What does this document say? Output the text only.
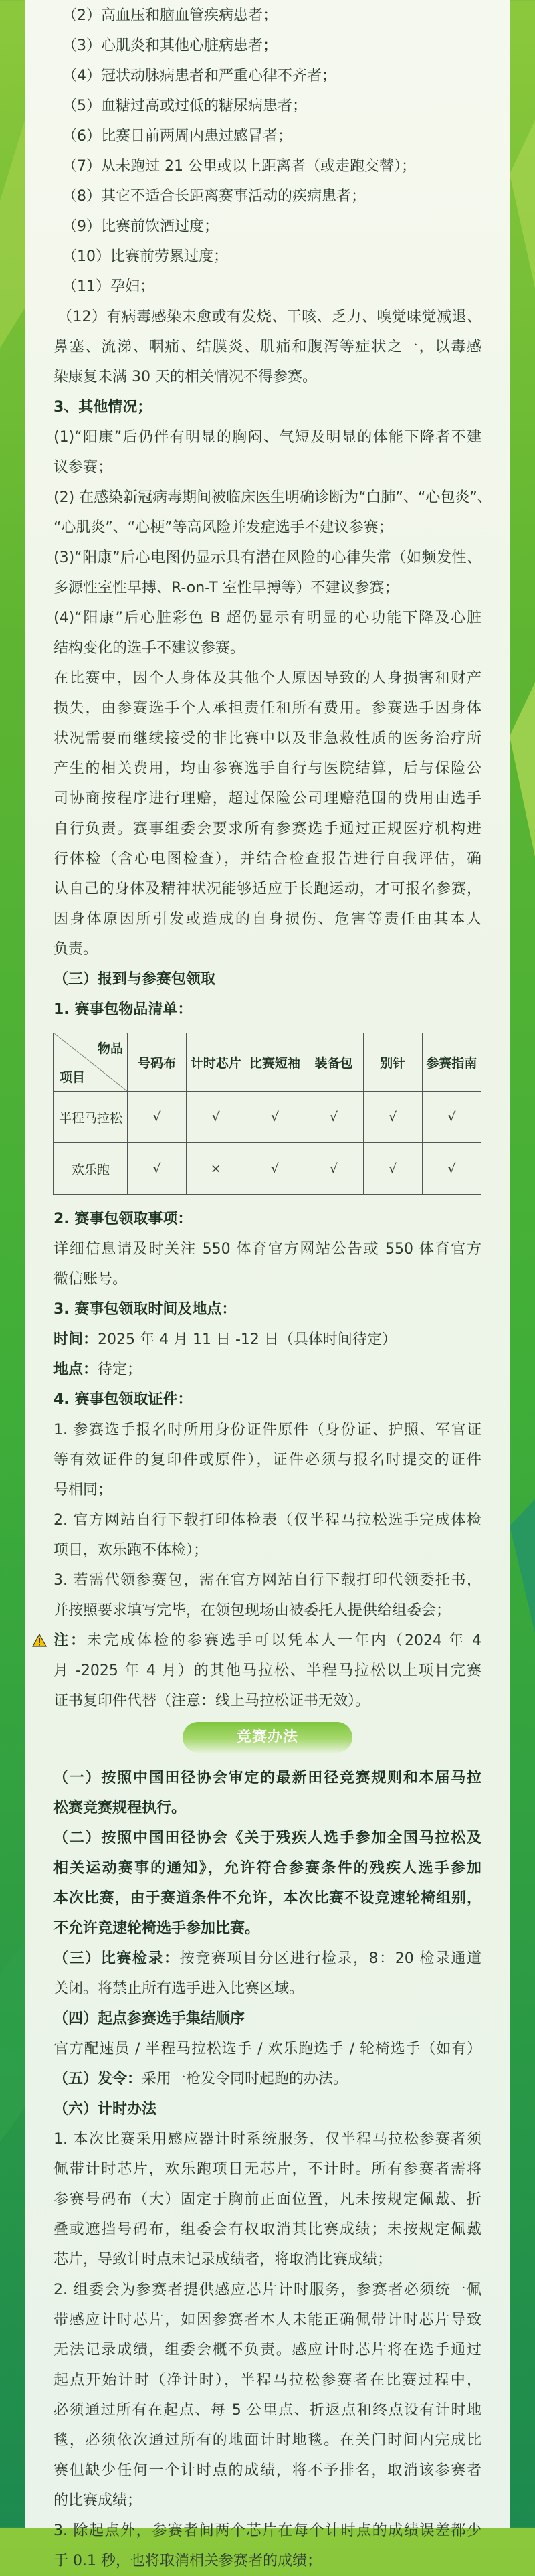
（2）高血压和脑血管疾病患者；
（3）心肌炎和其他心脏病患者；
（4）冠状动脉病患者和严重心律不齐者；
（5）血糖过高或过低的糖尿病患者；
（6）比赛日前两周内患过感冒者；
（7）从未跑过 21 公里或以上距离者（或走跑交替）；
（8）其它不适合长距离赛事活动的疾病患者；
（9）比赛前饮酒过度；
（10）比赛前劳累过度；
（11）孕妇；
（12）有病毒感染未愈或有发烧、干咳、乏力、嗅觉味觉减退、
鼻塞、流涕、咽痛、结膜炎、肌痛和腹泻等症状之一，以毒感
染康复未满 30 天的相关情况不得参赛。
3、其他情况；
(1)“阳康”后仍伴有明显的胸闷、气短及明显的体能下降者不建
议参赛；
(2) 在感染新冠病毒期间被临床医生明确诊断为“白肺”、“心包炎”、
“心肌炎”、“心梗”等高风险并发症选手不建议参赛；
(3)“阳康”后心电图仍显示具有潜在风险的心律失常（如频发性、
多源性室性早搏、R-on-T 室性早搏等）不建议参赛；
(4)“阳康”后心脏彩色 B 超仍显示有明显的心功能下降及心脏
结构变化的选手不建议参赛。
在比赛中，因个人身体及其他个人原因导致的人身损害和财产
损失，由参赛选手个人承担责任和所有费用。参赛选手因身体
状况需要而继续接受的非比赛中以及非急救性质的医务治疗所
产生的相关费用，均由参赛选手自行与医院结算，后与保险公
司协商按程序进行理赔，超过保险公司理赔范围的费用由选手
自行负责。赛事组委会要求所有参赛选手通过正规医疗机构进
行体检（含心电图检查），并结合检查报告进行自我评估，确
认自己的身体及精神状况能够适应于长跑运动，才可报名参赛，
因身体原因所引发或造成的自身损伤、危害等责任由其本人
负责。
（三）报到与参赛包领取
1. 赛事包物品清单：
物品
项目	号码布	计时芯片	比赛短袖	装备包	别针	参赛指南
半程马拉松	√	√	√	√	√	√
欢乐跑	√	×	√	√	√	√
2. 赛事包领取事项：
详细信息请及时关注 550 体育官方网站公告或 550 体育官方
微信账号。
3. 赛事包领取时间及地点：
时间：2025 年 4 月 11 日 -12 日（具体时间待定）
地点：待定；
4. 赛事包领取证件：
1. 参赛选手报名时所用身份证件原件（身份证、护照、军官证
等有效证件的复印件或原件），证件必须与报名时提交的证件
号相同；
2. 官方网站自行下载打印体检表（仅半程马拉松选手完成体检
项目，欢乐跑不体检）；
3. 若需代领参赛包，需在官方网站自行下载打印代领委托书，
并按照要求填写完毕，在领包现场由被委托人提供给组委会；
注：未完成体检的参赛选手可以凭本人一年内（2024 年 4
月 -2025 年 4 月）的其他马拉松、半程马拉松以上项目完赛
证书复印件代替（注意：线上马拉松证书无效）。
竞赛办法
（一）按照中国田径协会审定的最新田径竞赛规则和本届马拉
松赛竞赛规程执行。
（二）按照中国田径协会《关于残疾人选手参加全国马拉松及
相关运动赛事的通知》，允许符合参赛条件的残疾人选手参加
本次比赛，由于赛道条件不允许，本次比赛不设竞速轮椅组别，
不允许竞速轮椅选手参加比赛。
（三）比赛检录：按竞赛项目分区进行检录，8：20 检录通道
关闭。将禁止所有选手进入比赛区域。
（四）起点参赛选手集结顺序
官方配速员 / 半程马拉松选手 / 欢乐跑选手 / 轮椅选手（如有）
（五）发令：采用一枪发令同时起跑的办法。
（六）计时办法
1. 本次比赛采用感应器计时系统服务，仅半程马拉松参赛者须
佩带计时芯片，欢乐跑项目无芯片，不计时。所有参赛者需将
参赛号码布（大）固定于胸前正面位置，凡未按规定佩戴、折
叠或遮挡号码布，组委会有权取消其比赛成绩；未按规定佩戴
芯片，导致计时点未记录成绩者，将取消比赛成绩；
2. 组委会为参赛者提供感应芯片计时服务，参赛者必须统一佩
带感应计时芯片，如因参赛者本人未能正确佩带计时芯片导致
无法记录成绩，组委会概不负责。感应计时芯片将在选手通过
起点开始计时（净计时），半程马拉松参赛者在比赛过程中，
必须通过所有在起点、每 5 公里点、折返点和终点设有计时地
毯，必须依次通过所有的地面计时地毯。在关门时间内完成比
赛但缺少任何一个计时点的成绩，将不予排名，取消该参赛者
的比赛成绩；
3. 除起点外，参赛者间两个芯片在每个计时点的成绩误差都少
于 0.1 秒，也将取消相关参赛者的成绩；
